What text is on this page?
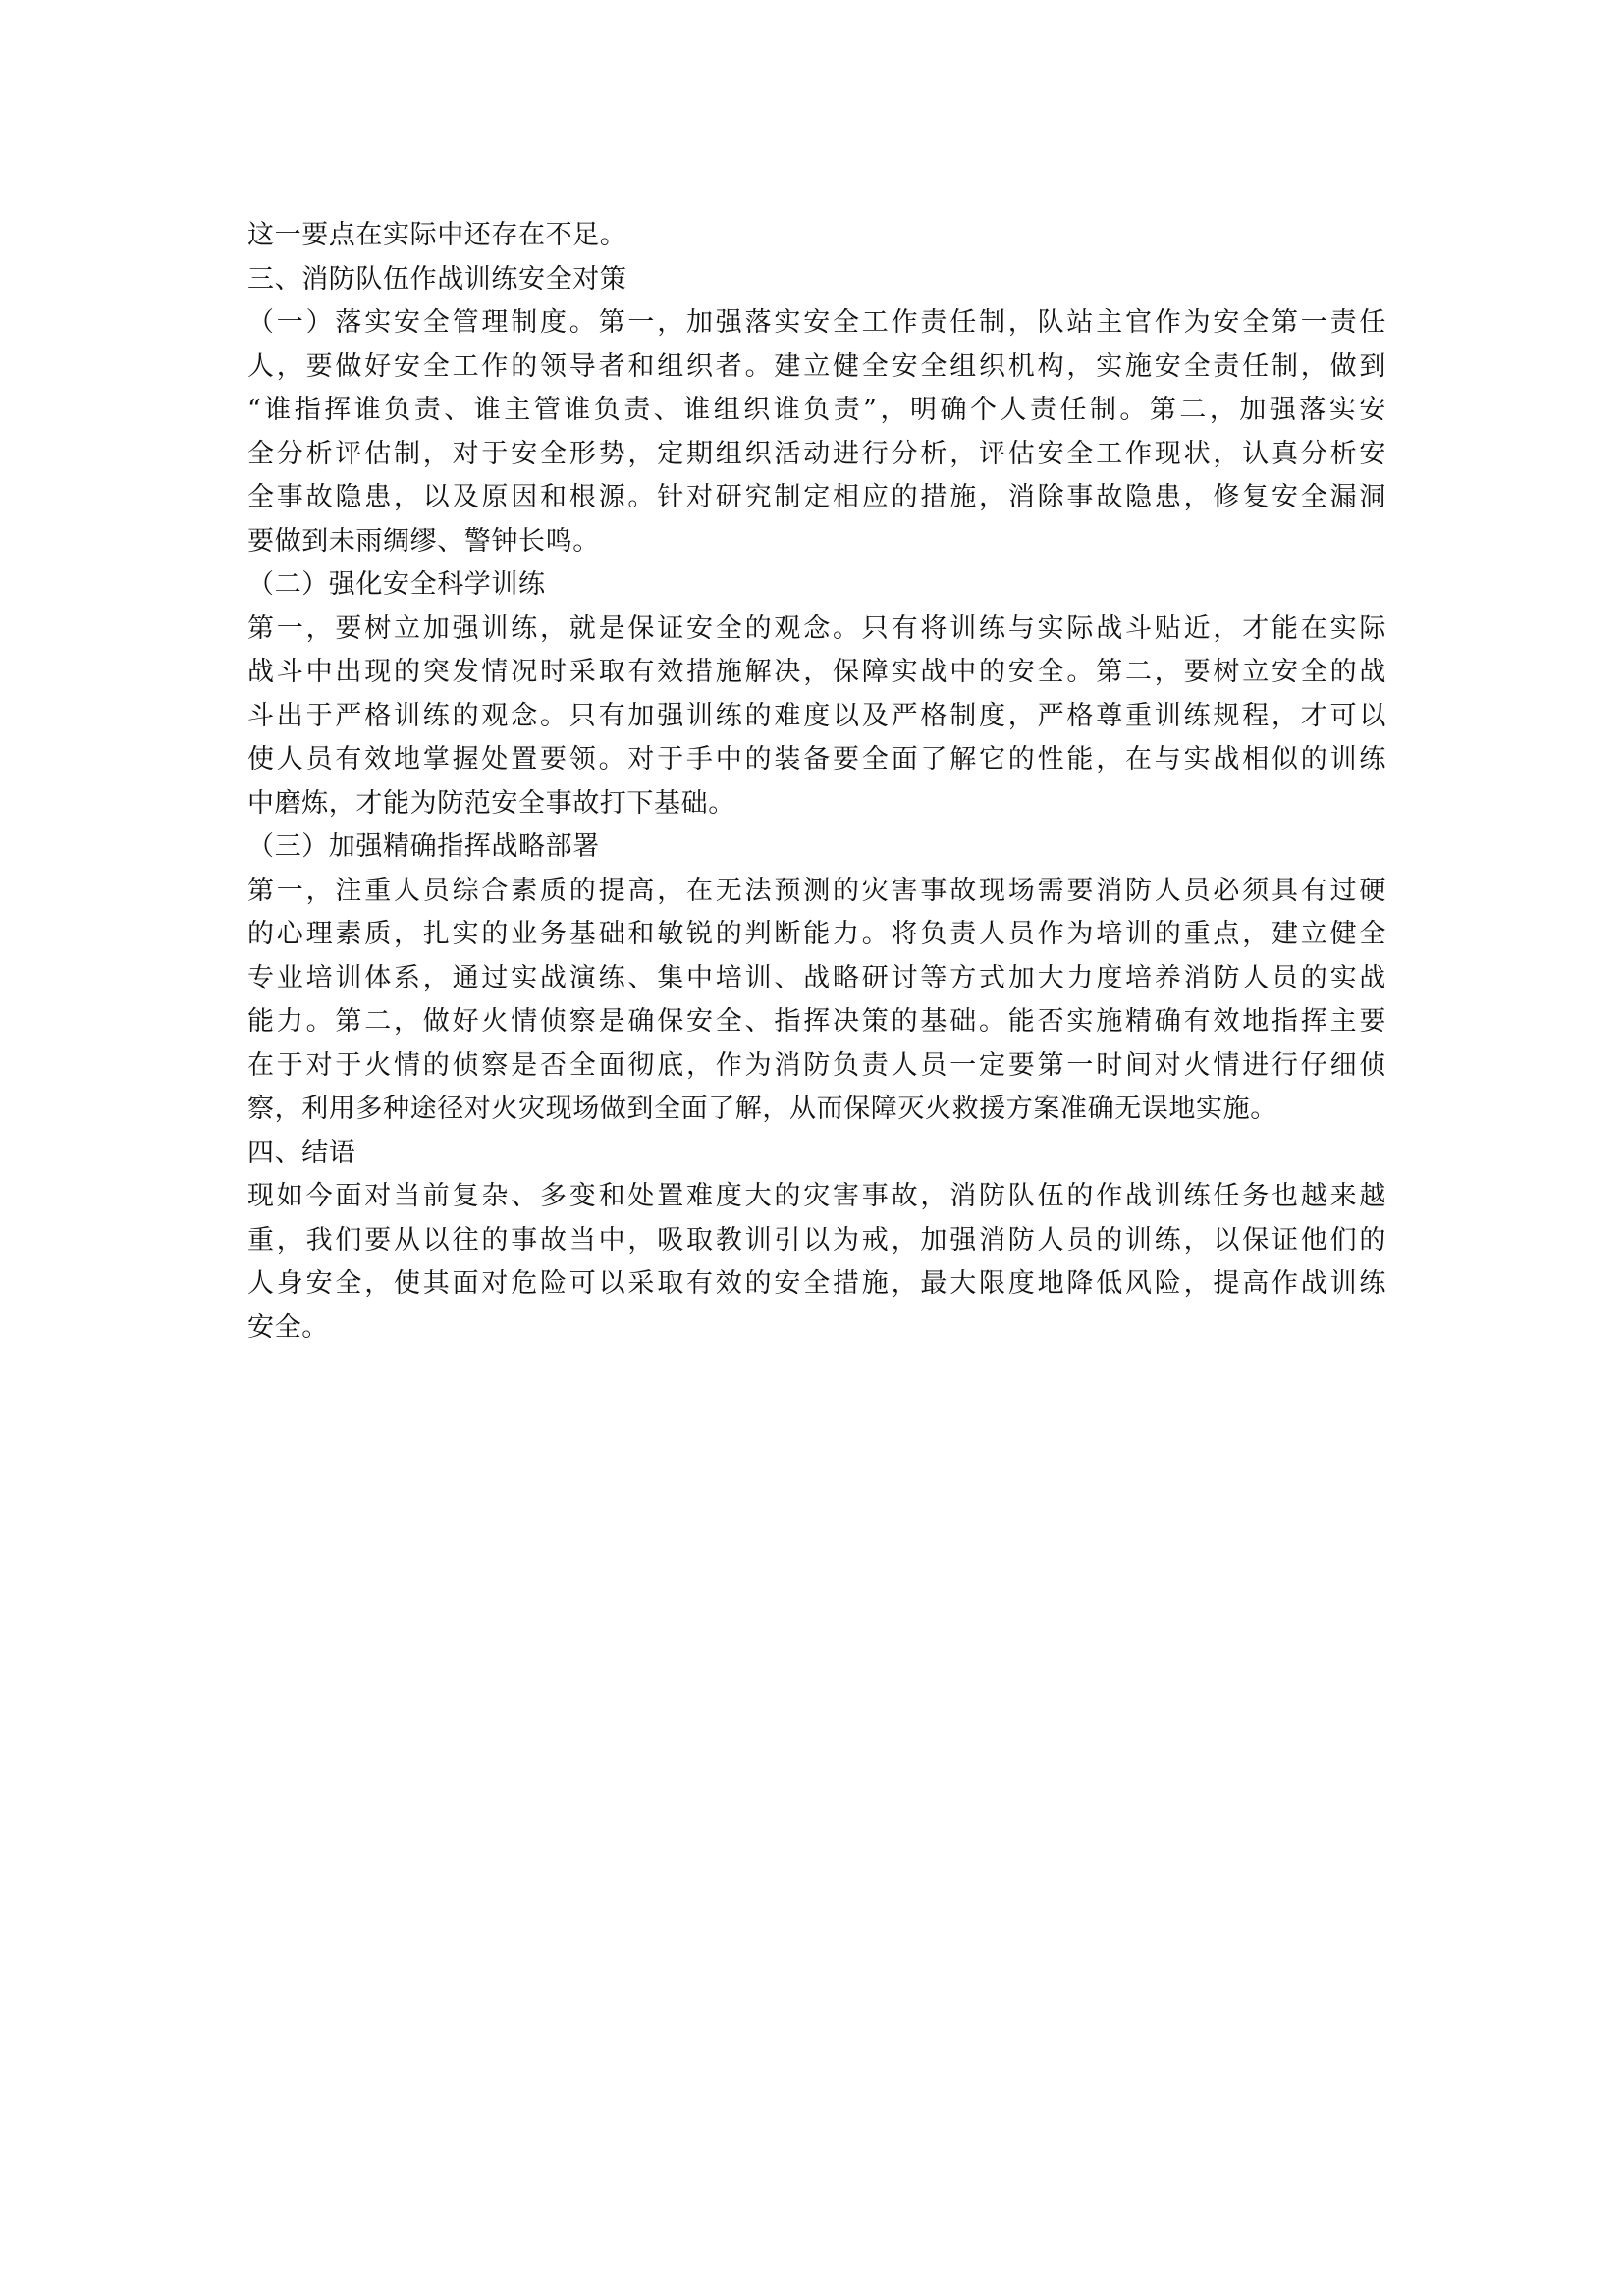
这一要点在实际中还存在不足。
三、消防队伍作战训练安全对策
（一）落实安全管理制度。第一，加强落实安全工作责任制，队站主官作为安全第一责任
人，要做好安全工作的领导者和组织者。建立健全安全组织机构，实施安全责任制，做到
“谁指挥谁负责、谁主管谁负责、谁组织谁负责”，明确个人责任制。第二，加强落实安
全分析评估制，对于安全形势，定期组织活动进行分析，评估安全工作现状，认真分析安
全事故隐患，以及原因和根源。针对研究制定相应的措施，消除事故隐患，修复安全漏洞
要做到未雨绸缪、警钟长鸣。
（二）强化安全科学训练
第一，要树立加强训练，就是保证安全的观念。只有将训练与实际战斗贴近，才能在实际
战斗中出现的突发情况时采取有效措施解决，保障实战中的安全。第二，要树立安全的战
斗出于严格训练的观念。只有加强训练的难度以及严格制度，严格尊重训练规程，才可以
使人员有效地掌握处置要领。对于手中的装备要全面了解它的性能，在与实战相似的训练
中磨炼，才能为防范安全事故打下基础。
（三）加强精确指挥战略部署
第一，注重人员综合素质的提高，在无法预测的灾害事故现场需要消防人员必须具有过硬
的心理素质，扎实的业务基础和敏锐的判断能力。将负责人员作为培训的重点，建立健全
专业培训体系，通过实战演练、集中培训、战略研讨等方式加大力度培养消防人员的实战
能力。第二，做好火情侦察是确保安全、指挥决策的基础。能否实施精确有效地指挥主要
在于对于火情的侦察是否全面彻底，作为消防负责人员一定要第一时间对火情进行仔细侦
察，利用多种途径对火灾现场做到全面了解，从而保障灭火救援方案准确无误地实施。
四、结语
现如今面对当前复杂、多变和处置难度大的灾害事故，消防队伍的作战训练任务也越来越
重，我们要从以往的事故当中，吸取教训引以为戒，加强消防人员的训练，以保证他们的
人身安全，使其面对危险可以采取有效的安全措施，最大限度地降低风险，提高作战训练
安全。
